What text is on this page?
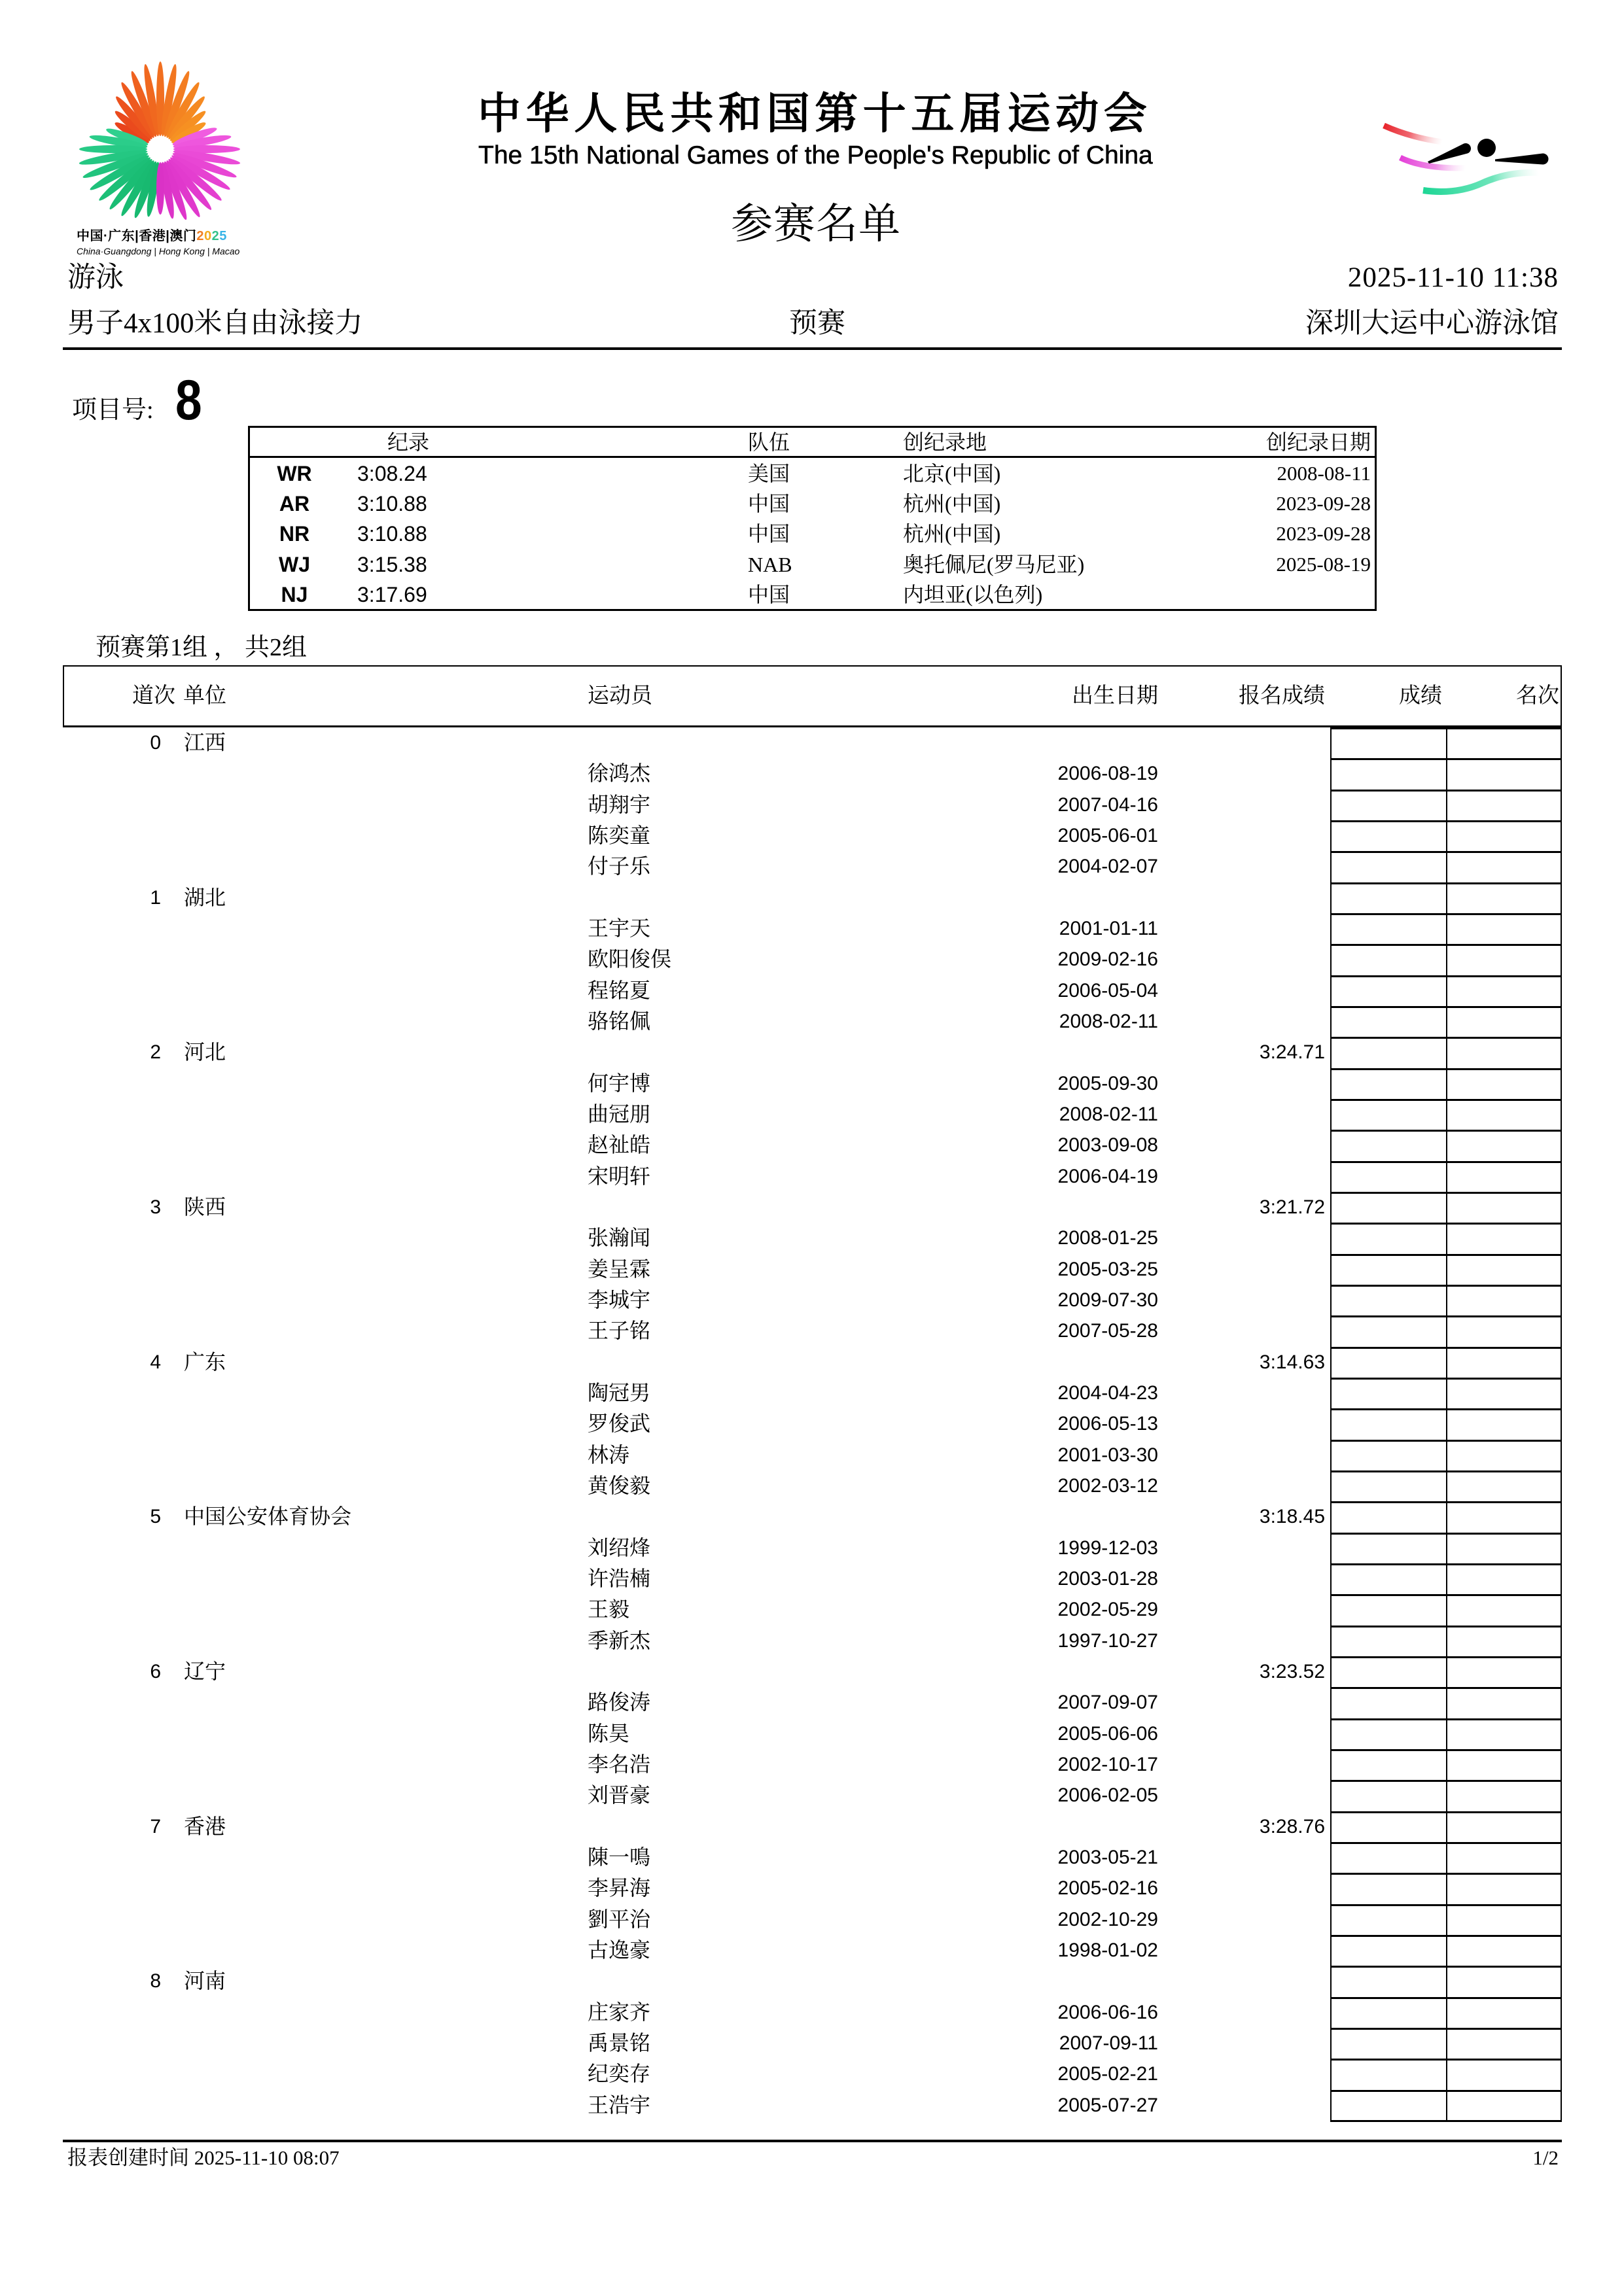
中国·广东|香港|澳门2025
China·Guangdong | Hong Kong | Macao
中华人民共和国第十五届运动会
The 15th National Games of the People's Republic of China
参赛名单
游泳	2025-11-10 11:38
男子4x100米自由泳接力	预赛	深圳大运中心游泳馆
项目号: 8
纪录	队伍	创纪录地	创纪录日期
WR	3:08.24	美国	北京(中国)	2008-08-11
AR	3:10.88	中国	杭州(中国)	2023-09-28
NR	3:10.88	中国	杭州(中国)	2023-09-28
WJ	3:15.38	NAB	奥托佩尼(罗马尼亚)	2025-08-19
NJ	3:17.69	中国	内坦亚(以色列)
预赛第1组 ， 共2组
道次 单位	运动员	出生日期	报名成绩	成绩	名次
0 江西
徐鸿杰	2006-08-19
胡翔宇	2007-04-16
陈奕童	2005-06-01
付子乐	2004-02-07
1 湖北
王宇天	2001-01-11
欧阳俊俣	2009-02-16
程铭夏	2006-05-04
骆铭佩	2008-02-11
2 河北	3:24.71
何宇博	2005-09-30
曲冠朋	2008-02-11
赵祉皓	2003-09-08
宋明轩	2006-04-19
3 陕西	3:21.72
张瀚闻	2008-01-25
姜呈霖	2005-03-25
李城宇	2009-07-30
王子铭	2007-05-28
4 广东	3:14.63
陶冠男	2004-04-23
罗俊武	2006-05-13
林涛	2001-03-30
黄俊毅	2002-03-12
5 中国公安体育协会	3:18.45
刘绍烽	1999-12-03
许浩楠	2003-01-28
王毅	2002-05-29
季新杰	1997-10-27
6 辽宁	3:23.52
路俊涛	2007-09-07
陈昊	2005-06-06
李名浩	2002-10-17
刘晋豪	2006-02-05
7 香港	3:28.76
陳一鳴	2003-05-21
李昇海	2005-02-16
劉平治	2002-10-29
古逸豪	1998-01-02
8 河南
庄家齐	2006-06-16
禹景铭	2007-09-11
纪奕存	2005-02-21
王浩宇	2005-07-27
报表创建时间 2025-11-10 08:07	1/2
